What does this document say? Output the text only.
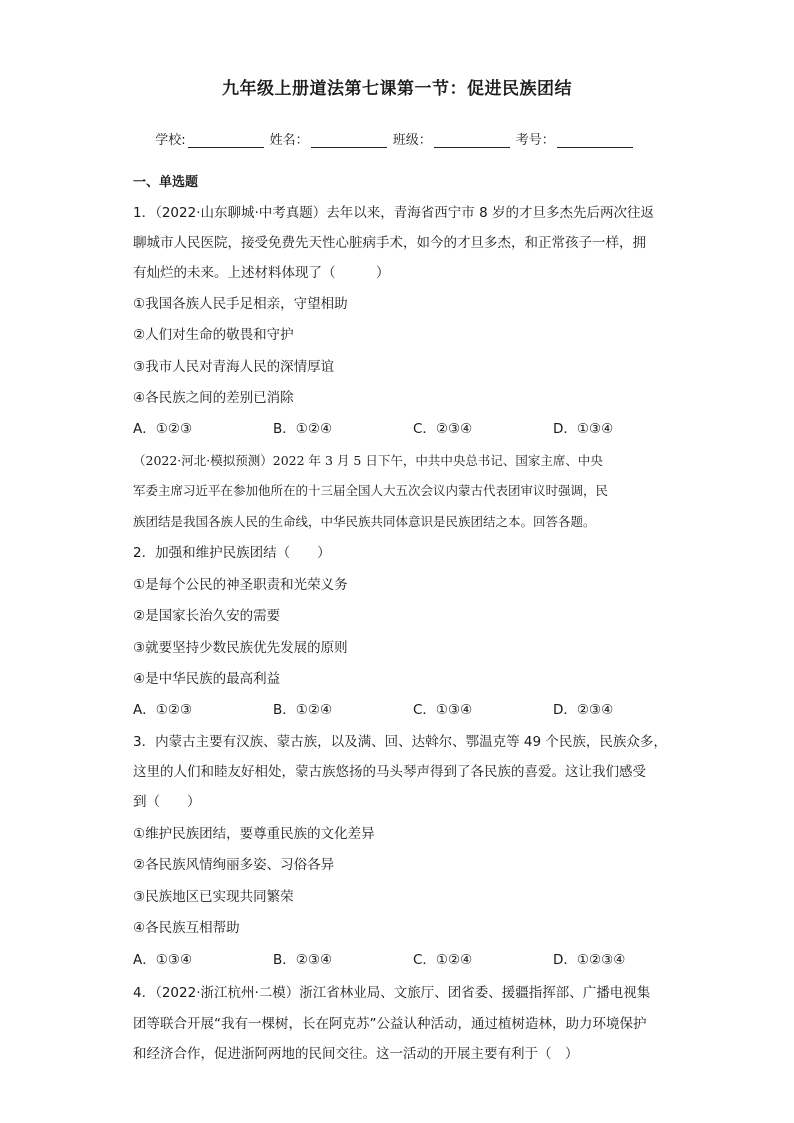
九年级上册道法第七课第一节：促进民族团结
学校:	姓名：	班级：	考号：
一、单选题
1．（2022·山东聊城·中考真题）去年以来，青海省西宁市 8 岁的才旦多杰先后两次往返
聊城市人民医院，接受免费先天性心脏病手术，如今的才旦多杰，和正常孩子一样，拥
有灿烂的未来。上述材料体现了（　　　）
①我国各族人民手足相亲，守望相助
②人们对生命的敬畏和守护
③我市人民对青海人民的深情厚谊
④各民族之间的差别已消除
A．①②③	B．①②④	C．②③④	D．①③④
（2022·河北·模拟预测）2022 年 3 月 5 日下午，中共中央总书记、国家主席、中央
军委主席习近平在参加他所在的十三届全国人大五次会议内蒙古代表团审议时强调，民
族团结是我国各族人民的生命线，中华民族共同体意识是民族团结之本。回答各题。
2．加强和维护民族团结（　　）
①是每个公民的神圣职责和光荣义务
②是国家长治久安的需要
③就要坚持少数民族优先发展的原则
④是中华民族的最高利益
A．①②③	B．①②④	C．①③④	D．②③④
3．内蒙古主要有汉族、蒙古族，以及满、回、达斡尔、鄂温克等 49 个民族，民族众多，
这里的人们和睦友好相处，蒙古族悠扬的马头琴声得到了各民族的喜爱。这让我们感受
到（　　）
①维护民族团结，要尊重民族的文化差异
②各民族风情绚丽多姿、习俗各异
③民族地区已实现共同繁荣
④各民族互相帮助
A．①③④	B．②③④	C．①②④	D．①②③④
4．（2022·浙江杭州·二模）浙江省林业局、文旅厅、团省委、援疆指挥部、广播电视集
团等联合开展“我有一棵树，长在阿克苏”公益认种活动，通过植树造林，助力环境保护
和经济合作，促进浙阿两地的民间交往。这一活动的开展主要有利于（　）
